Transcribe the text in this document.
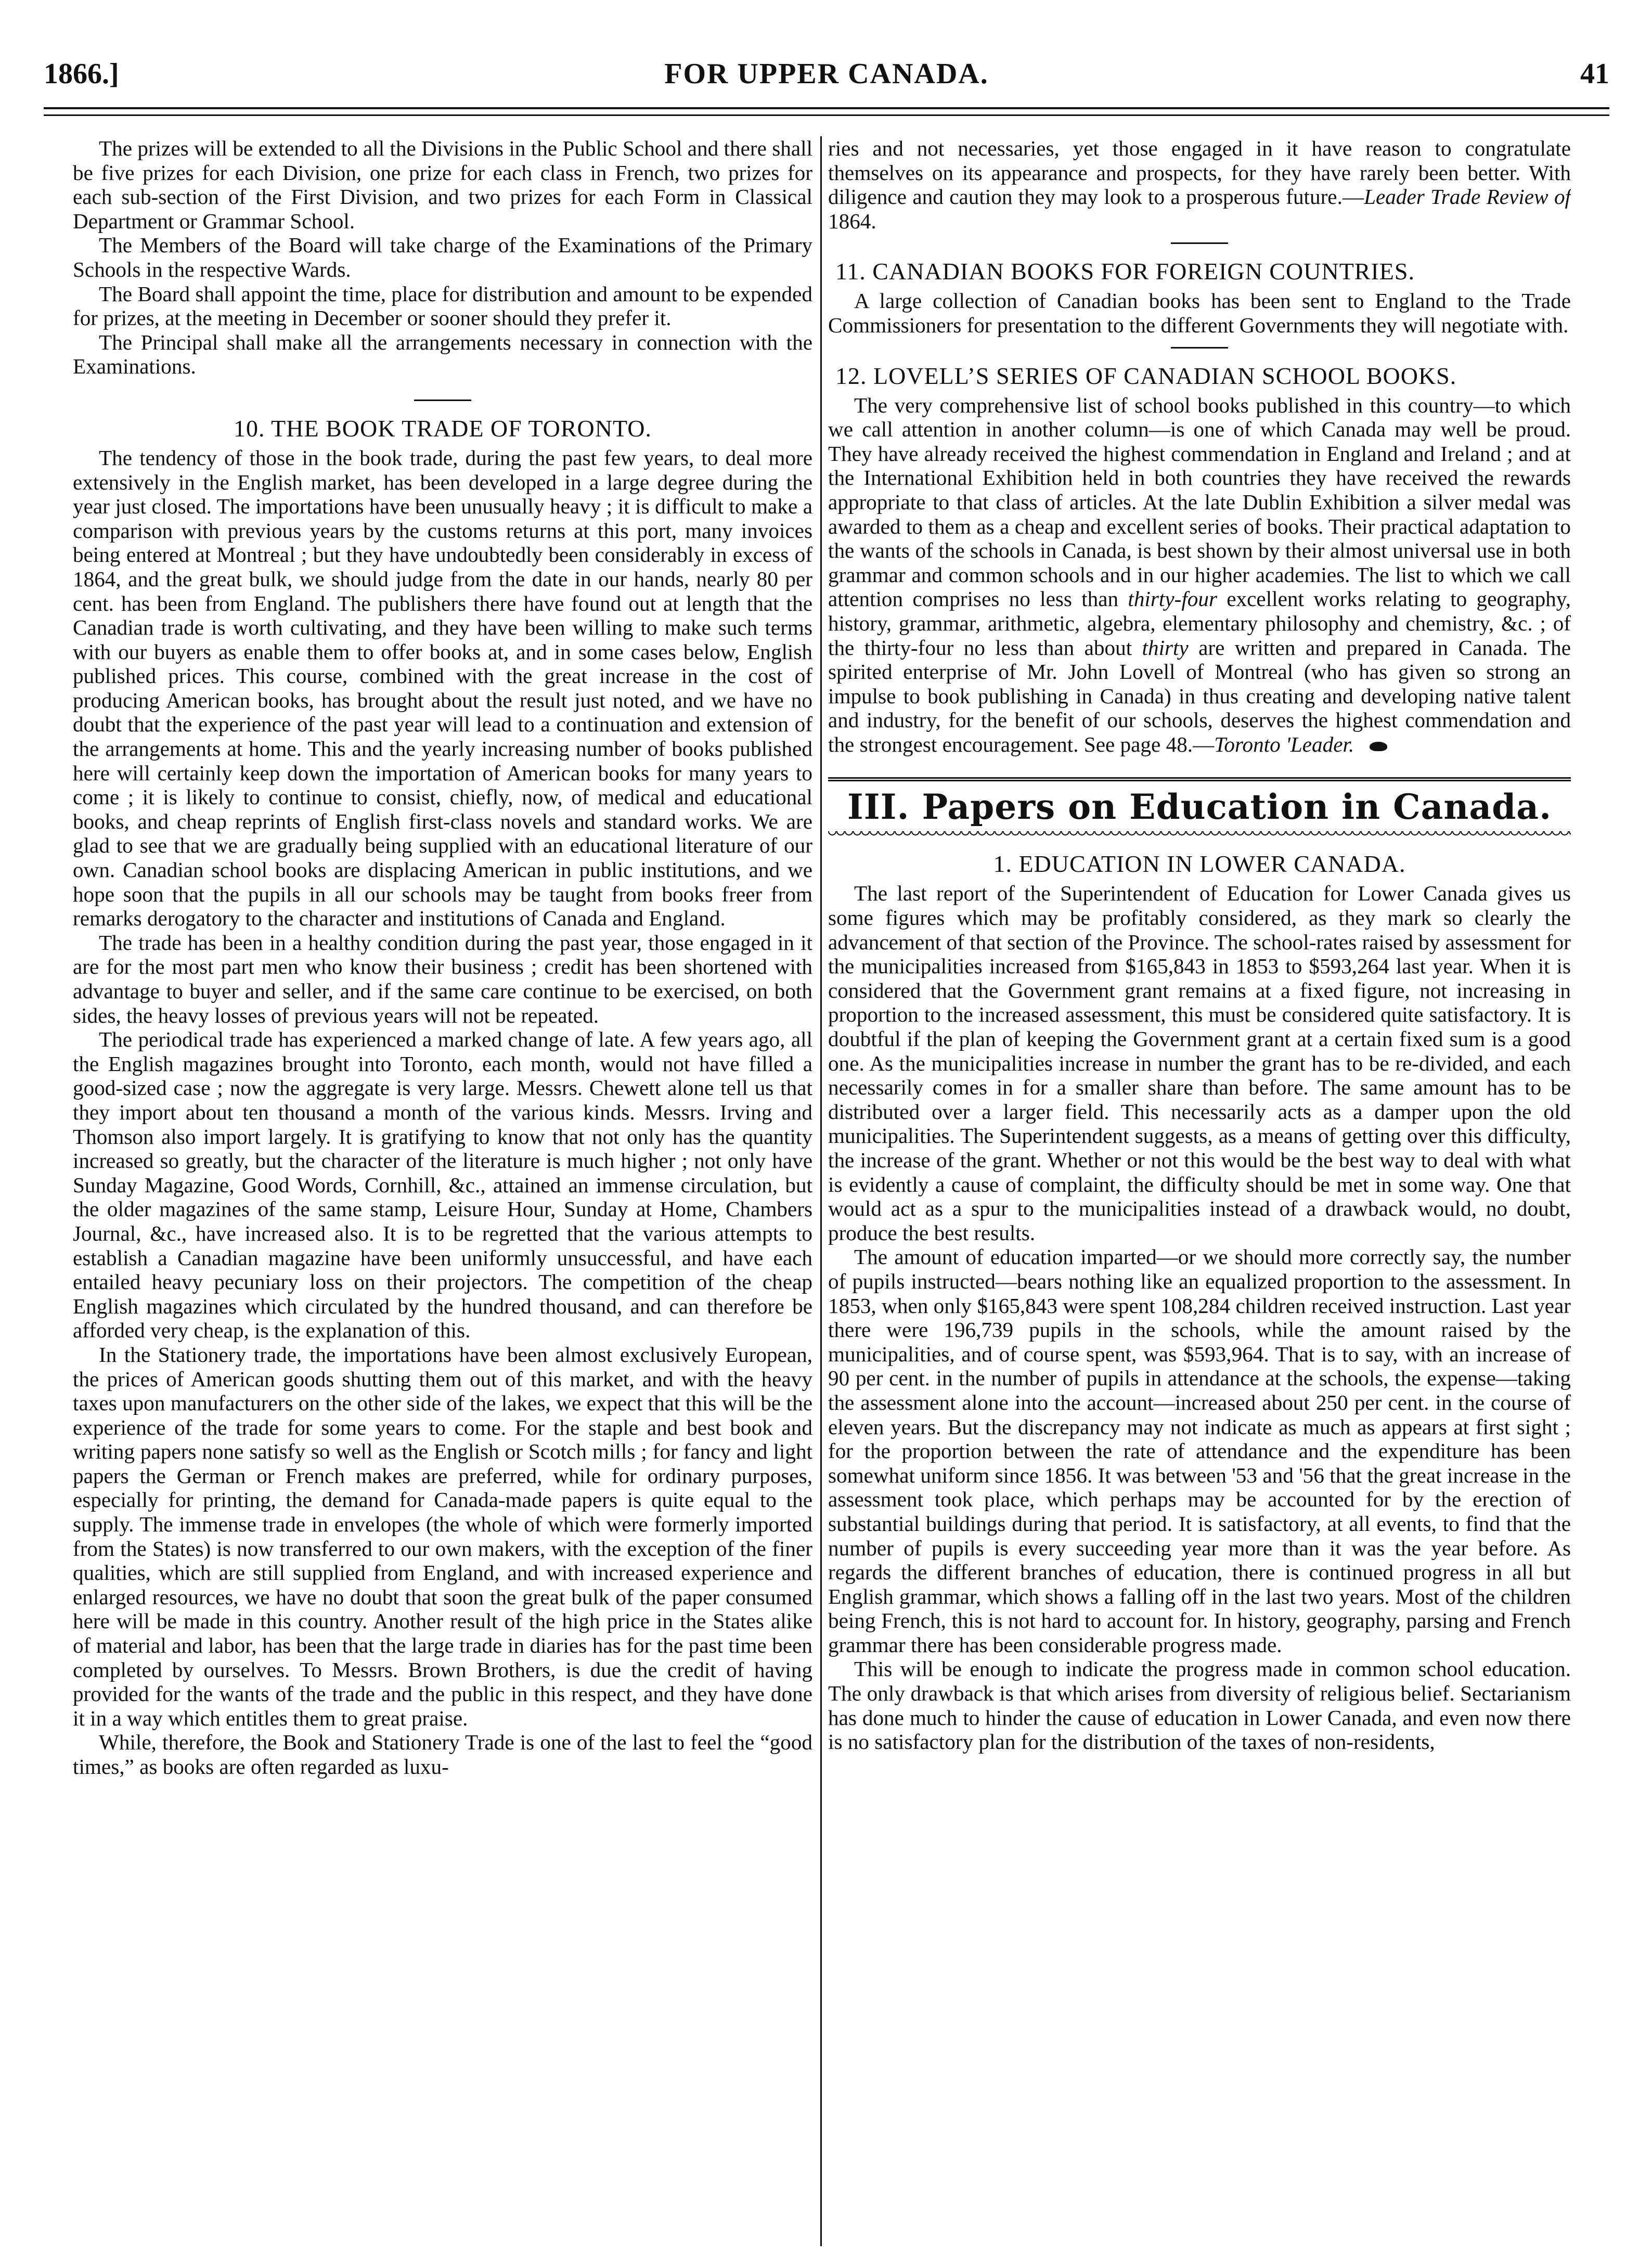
1866.]	FOR UPPER CANADA.	41

The prizes will be extended to all the Divisions in the Public School and there shall be five prizes for each Division, one prize for each class in French, two prizes for each sub-section of the First Division, and two prizes for each Form in Classical Department or Grammar School.

The Members of the Board will take charge of the Examinations of the Primary Schools in the respective Wards.

The Board shall appoint the time, place for distribution and amount to be expended for prizes, at the meeting in December or sooner should they prefer it.

The Principal shall make all the arrangements necessary in connection with the Examinations.

10. THE BOOK TRADE OF TORONTO.

The tendency of those in the book trade, during the past few years, to deal more extensively in the English market, has been developed in a large degree during the year just closed. The importations have been unusually heavy ; it is difficult to make a comparison with previous years by the customs returns at this port, many invoices being entered at Montreal ; but they have undoubtedly been considerably in excess of 1864, and the great bulk, we should judge from the date in our hands, nearly 80 per cent. has been from England. The publishers there have found out at length that the Canadian trade is worth cultivating, and they have been willing to make such terms with our buyers as enable them to offer books at, and in some cases below, English published prices. This course, combined with the great increase in the cost of producing American books, has brought about the result just noted, and we have no doubt that the experience of the past year will lead to a continuation and extension of the arrangements at home. This and the yearly increasing number of books published here will certainly keep down the importation of American books for many years to come ; it is likely to continue to consist, chiefly, now, of medical and educational books, and cheap reprints of English first-class novels and standard works. We are glad to see that we are gradually being supplied with an educational literature of our own. Canadian school books are displacing American in public institutions, and we hope soon that the pupils in all our schools may be taught from books freer from remarks derogatory to the character and institutions of Canada and England.

The trade has been in a healthy condition during the past year, those engaged in it are for the most part men who know their business ; credit has been shortened with advantage to buyer and seller, and if the same care continue to be exercised, on both sides, the heavy losses of previous years will not be repeated.

The periodical trade has experienced a marked change of late. A few years ago, all the English magazines brought into Toronto, each month, would not have filled a good-sized case ; now the aggregate is very large. Messrs. Chewett alone tell us that they import about ten thousand a month of the various kinds. Messrs. Irving and Thomson also import largely. It is gratifying to know that not only has the quantity increased so greatly, but the character of the literature is much higher ; not only have Sunday Magazine, Good Words, Cornhill, &c., attained an immense circulation, but the older magazines of the same stamp, Leisure Hour, Sunday at Home, Chambers Journal, &c., have increased also. It is to be regretted that the various attempts to establish a Canadian magazine have been uniformly unsuccessful, and have each entailed heavy pecuniary loss on their projectors. The competition of the cheap English magazines which circulated by the hundred thousand, and can therefore be afforded very cheap, is the explanation of this.

In the Stationery trade, the importations have been almost exclusively European, the prices of American goods shutting them out of this market, and with the heavy taxes upon manufacturers on the other side of the lakes, we expect that this will be the experience of the trade for some years to come. For the staple and best book and writing papers none satisfy so well as the English or Scotch mills ; for fancy and light papers the German or French makes are preferred, while for ordinary purposes, especially for printing, the demand for Canada-made papers is quite equal to the supply. The immense trade in envelopes (the whole of which were formerly imported from the States) is now transferred to our own makers, with the exception of the finer qualities, which are still supplied from England, and with increased experience and enlarged resources, we have no doubt that soon the great bulk of the paper consumed here will be made in this country. Another result of the high price in the States alike of material and labor, has been that the large trade in diaries has for the past time been completed by ourselves. To Messrs. Brown Brothers, is due the credit of having provided for the wants of the trade and the public in this respect, and they have done it in a way which entitles them to great praise.

While, therefore, the Book and Stationery Trade is one of the last to feel the “good times,” as books are often regarded as luxu-

ries and not necessaries, yet those engaged in it have reason to congratulate themselves on its appearance and prospects, for they have rarely been better. With diligence and caution they may look to a prosperous future.—Leader Trade Review of 1864.

11. CANADIAN BOOKS FOR FOREIGN COUNTRIES.

A large collection of Canadian books has been sent to England to the Trade Commissioners for presentation to the different Governments they will negotiate with.

12. LOVELL’S SERIES OF CANADIAN SCHOOL BOOKS.

The very comprehensive list of school books published in this country—to which we call attention in another column—is one of which Canada may well be proud. They have already received the highest commendation in England and Ireland ; and at the International Exhibition held in both countries they have received the rewards appropriate to that class of articles. At the late Dublin Exhibition a silver medal was awarded to them as a cheap and excellent series of books. Their practical adaptation to the wants of the schools in Canada, is best shown by their almost universal use in both grammar and common schools and in our higher academies. The list to which we call attention comprises no less than thirty-four excellent works relating to geography, history, grammar, arithmetic, algebra, elementary philosophy and chemistry, &c. ; of the thirty-four no less than about thirty are written and prepared in Canada. The spirited enterprise of Mr. John Lovell of Montreal (who has given so strong an impulse to book publishing in Canada) in thus creating and developing native talent and industry, for the benefit of our schools, deserves the highest commendation and the strongest encouragement. See page 48.—Toronto 'Leader.

III. Papers on Education in Canada.
1. EDUCATION IN LOWER CANADA.

The last report of the Superintendent of Education for Lower Canada gives us some figures which may be profitably considered, as they mark so clearly the advancement of that section of the Province. The school-rates raised by assessment for the municipalities increased from $165,843 in 1853 to $593,264 last year. When it is considered that the Government grant remains at a fixed figure, not increasing in proportion to the increased assessment, this must be considered quite satisfactory. It is doubtful if the plan of keeping the Government grant at a certain fixed sum is a good one. As the municipalities increase in number the grant has to be re-divided, and each necessarily comes in for a smaller share than before. The same amount has to be distributed over a larger field. This necessarily acts as a damper upon the old municipalities. The Superintendent suggests, as a means of getting over this difficulty, the increase of the grant. Whether or not this would be the best way to deal with what is evidently a cause of complaint, the difficulty should be met in some way. One that would act as a spur to the municipalities instead of a drawback would, no doubt, produce the best results.

The amount of education imparted—or we should more correctly say, the number of pupils instructed—bears nothing like an equalized proportion to the assessment. In 1853, when only $165,843 were spent 108,284 children received instruction. Last year there were 196,739 pupils in the schools, while the amount raised by the municipalities, and of course spent, was $593,964. That is to say, with an increase of 90 per cent. in the number of pupils in attendance at the schools, the expense—taking the assessment alone into the account—increased about 250 per cent. in the course of eleven years. But the discrepancy may not indicate as much as appears at first sight ; for the proportion between the rate of attendance and the expenditure has been somewhat uniform since 1856. It was between '53 and '56 that the great increase in the assessment took place, which perhaps may be accounted for by the erection of substantial buildings during that period. It is satisfactory, at all events, to find that the number of pupils is every succeeding year more than it was the year before. As regards the different branches of education, there is continued progress in all but English grammar, which shows a falling off in the last two years. Most of the children being French, this is not hard to account for. In history, geography, parsing and French grammar there has been considerable progress made.

This will be enough to indicate the progress made in common school education. The only drawback is that which arises from diversity of religious belief. Sectarianism has done much to hinder the cause of education in Lower Canada, and even now there is no satisfactory plan for the distribution of the taxes of non-residents,
